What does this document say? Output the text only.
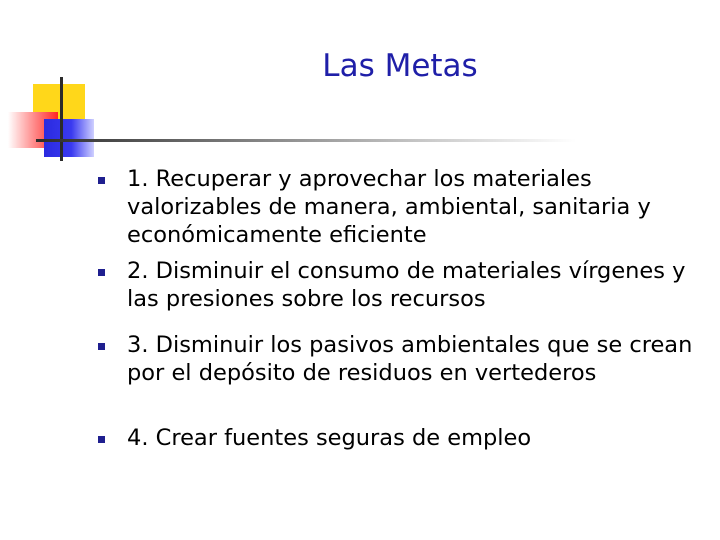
Las Metas
1. Recuperar y aprovechar los materiales valorizables de manera, ambiental, sanitaria y económicamente eficiente
2. Disminuir el consumo de materiales vírgenes y las presiones sobre los recursos
3. Disminuir los pasivos ambientales que se crean por el depósito de residuos en vertederos
4. Crear fuentes seguras de empleo
